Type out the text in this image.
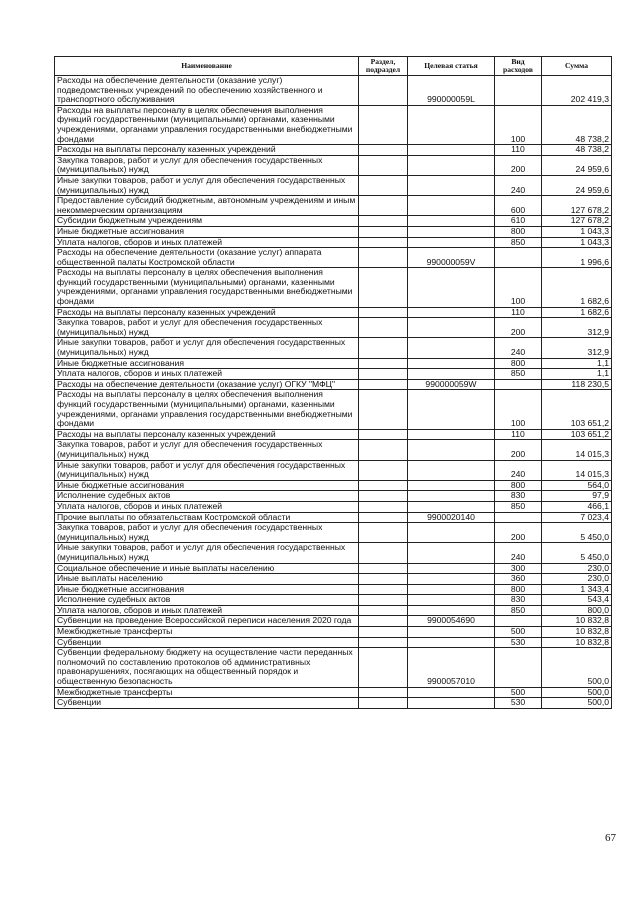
Наименование	Раздел, подраздел	Целевая статья	Вид расходов	Сумма
Расходы на обеспечение деятельности (оказание услуг) подведомственных учреждений по обеспечению хозяйственного и транспортного обслуживания		990000059L		202 419,3
Расходы на выплаты персоналу в целях обеспечения выполнения функций государственными (муниципальными) органами, казенными учреждениями, органами управления государственными внебюджетными фондами			100	48 738,2
Расходы на выплаты персоналу казенных учреждений			110	48 738,2
Закупка товаров, работ и услуг для обеспечения государственных (муниципальных) нужд			200	24 959,6
Иные закупки товаров, работ и услуг для обеспечения государственных (муниципальных) нужд			240	24 959,6
Предоставление субсидий бюджетным, автономным учреждениям и иным некоммерческим организациям			600	127 678,2
Субсидии бюджетным учреждениям			610	127 678,2
Иные бюджетные ассигнования			800	1 043,3
Уплата налогов, сборов и иных платежей			850	1 043,3
Расходы на обеспечение деятельности (оказание услуг) аппарата общественной палаты Костромской области		990000059V		1 996,6
Расходы на выплаты персоналу в целях обеспечения выполнения функций государственными (муниципальными) органами, казенными учреждениями, органами управления государственными внебюджетными фондами			100	1 682,6
Расходы на выплаты персоналу казенных учреждений			110	1 682,6
Закупка товаров, работ и услуг для обеспечения государственных (муниципальных) нужд			200	312,9
Иные закупки товаров, работ и услуг для обеспечения государственных (муниципальных) нужд			240	312,9
Иные бюджетные ассигнования			800	1,1
Уплата налогов, сборов и иных платежей			850	1,1
Расходы на обеспечение деятельности (оказание услуг) ОГКУ "МФЦ"		990000059W		118 230,5
Расходы на выплаты персоналу в целях обеспечения выполнения функций государственными (муниципальными) органами, казенными учреждениями, органами управления государственными внебюджетными фондами			100	103 651,2
Расходы на выплаты персоналу казенных учреждений			110	103 651,2
Закупка товаров, работ и услуг для обеспечения государственных (муниципальных) нужд			200	14 015,3
Иные закупки товаров, работ и услуг для обеспечения государственных (муниципальных) нужд			240	14 015,3
Иные бюджетные ассигнования			800	564,0
Исполнение судебных актов			830	97,9
Уплата налогов, сборов и иных платежей			850	466,1
Прочие выплаты по обязательствам Костромской области		9900020140		7 023,4
Закупка товаров, работ и услуг для обеспечения государственных (муниципальных) нужд			200	5 450,0
Иные закупки товаров, работ и услуг для обеспечения государственных (муниципальных) нужд			240	5 450,0
Социальное обеспечение и иные выплаты населению			300	230,0
Иные выплаты населению			360	230,0
Иные бюджетные ассигнования			800	1 343,4
Исполнение судебных актов			830	543,4
Уплата налогов, сборов и иных платежей			850	800,0
Субвенции на проведение Всероссийской переписи населения 2020 года		9900054690		10 832,8
Межбюджетные трансферты			500	10 832,8
Субвенции			530	10 832,8
Субвенции федеральному бюджету на осуществление части переданных полномочий по составлению протоколов об административных правонарушениях, посягающих на общественный порядок и общественную безопасность		9900057010		500,0
Межбюджетные трансферты			500	500,0
Субвенции			530	500,0
67
